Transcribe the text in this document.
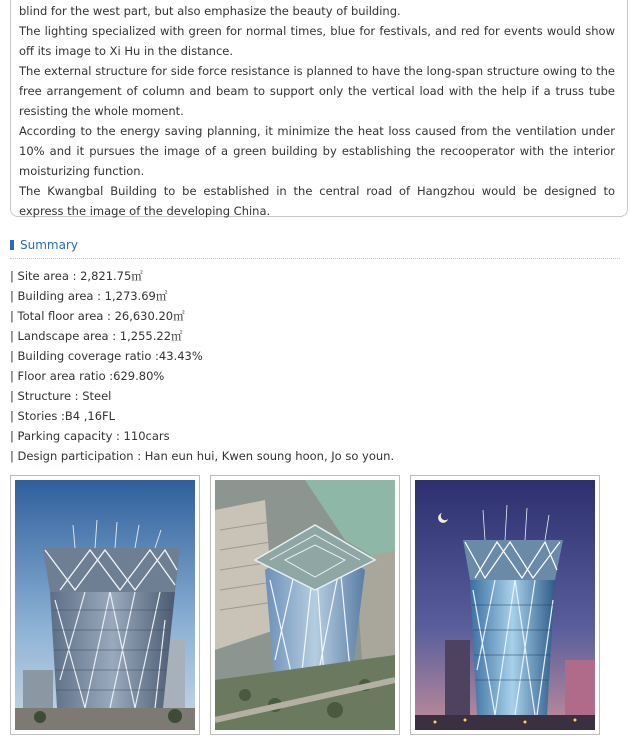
blind for the west part, but also emphasize the beauty of building.

The lighting specialized with green for normal times, blue for festivals, and red for events would show off its image to Xi Hu in the distance.

The external structure for side force resistance is planned to have the long-span structure owing to the free arrangement of column and beam to support only the vertical load with the help if a truss tube resisting the whole moment.

According to the energy saving planning, it minimize the heat loss caused from the ventilation under 10% and it pursues the image of a green building by establishing the recooperator with the interior moisturizing function.

The Kwangbal Building to be established in the central road of Hangzhou would be designed to express the image of the developing China.

Summary
| Site area : 2,821.75㎡
| Building area : 1,273.69㎡
| Total floor area : 26,630.20㎡
| Landscape area : 1,255.22㎡
| Building coverage ratio :43.43%
| Floor area ratio :629.80%
| Structure : Steel
| Stories :B4 ,16FL
| Parking capacity : 110cars
| Design participation : Han eun hui, Kwen soung hoon, Jo so youn.
